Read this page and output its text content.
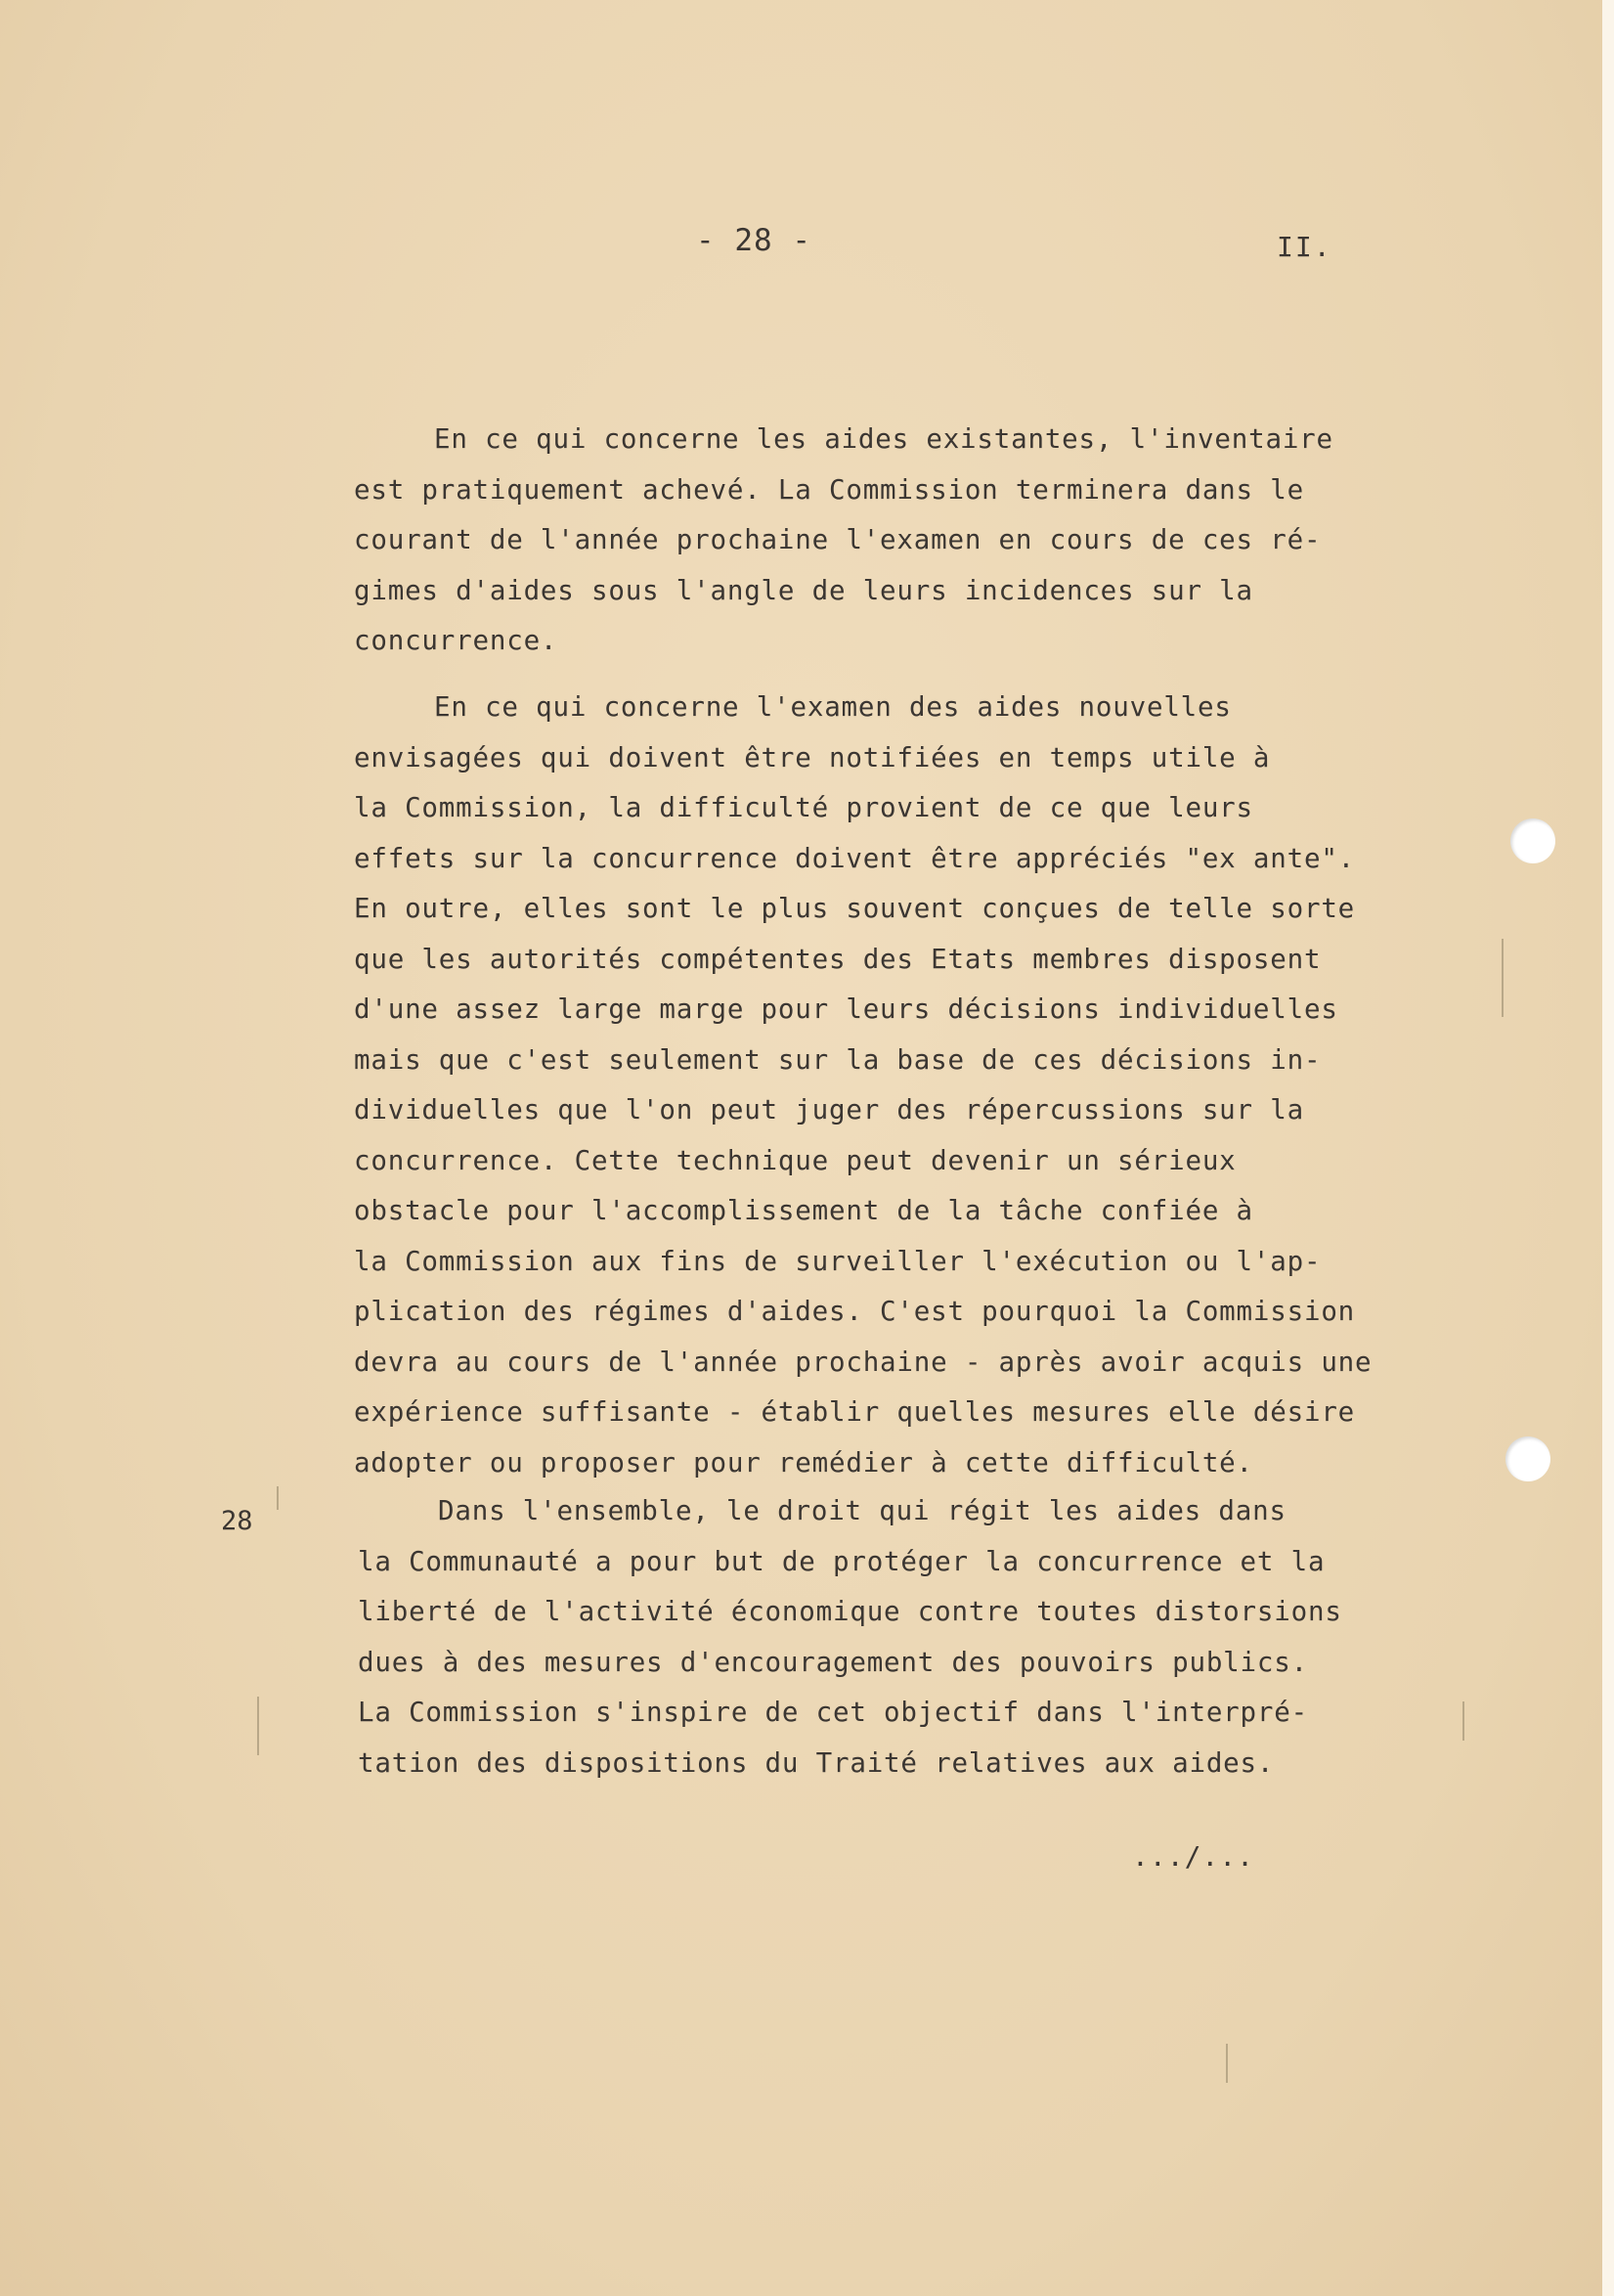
- 28 -	II.
28
En ce qui concerne les aides existantes, l'inventaire
est pratiquement achevé. La Commission terminera dans le
courant de l'année prochaine l'examen en cours de ces ré-
gimes d'aides sous l'angle de leurs incidences sur la
concurrence.
En ce qui concerne l'examen des aides nouvelles
envisagées qui doivent être notifiées en temps utile à
la Commission, la difficulté provient de ce que leurs
effets sur la concurrence doivent être appréciés "ex ante".
En outre, elles sont le plus souvent conçues de telle sorte
que les autorités compétentes des Etats membres disposent
d'une assez large marge pour leurs décisions individuelles
mais que c'est seulement sur la base de ces décisions in-
dividuelles que l'on peut juger des répercussions sur la
concurrence. Cette technique peut devenir un sérieux
obstacle pour l'accomplissement de la tâche confiée à
la Commission aux fins de surveiller l'exécution ou l'ap-
plication des régimes d'aides. C'est pourquoi la Commission
devra au cours de l'année prochaine - après avoir acquis une
expérience suffisante - établir quelles mesures elle désire
adopter ou proposer pour remédier à cette difficulté.
Dans l'ensemble, le droit qui régit les aides dans
la Communauté a pour but de protéger la concurrence et la
liberté de l'activité économique contre toutes distorsions
dues à des mesures d'encouragement des pouvoirs publics.
La Commission s'inspire de cet objectif dans l'interpré-
tation des dispositions du Traité relatives aux aides.
.../...
